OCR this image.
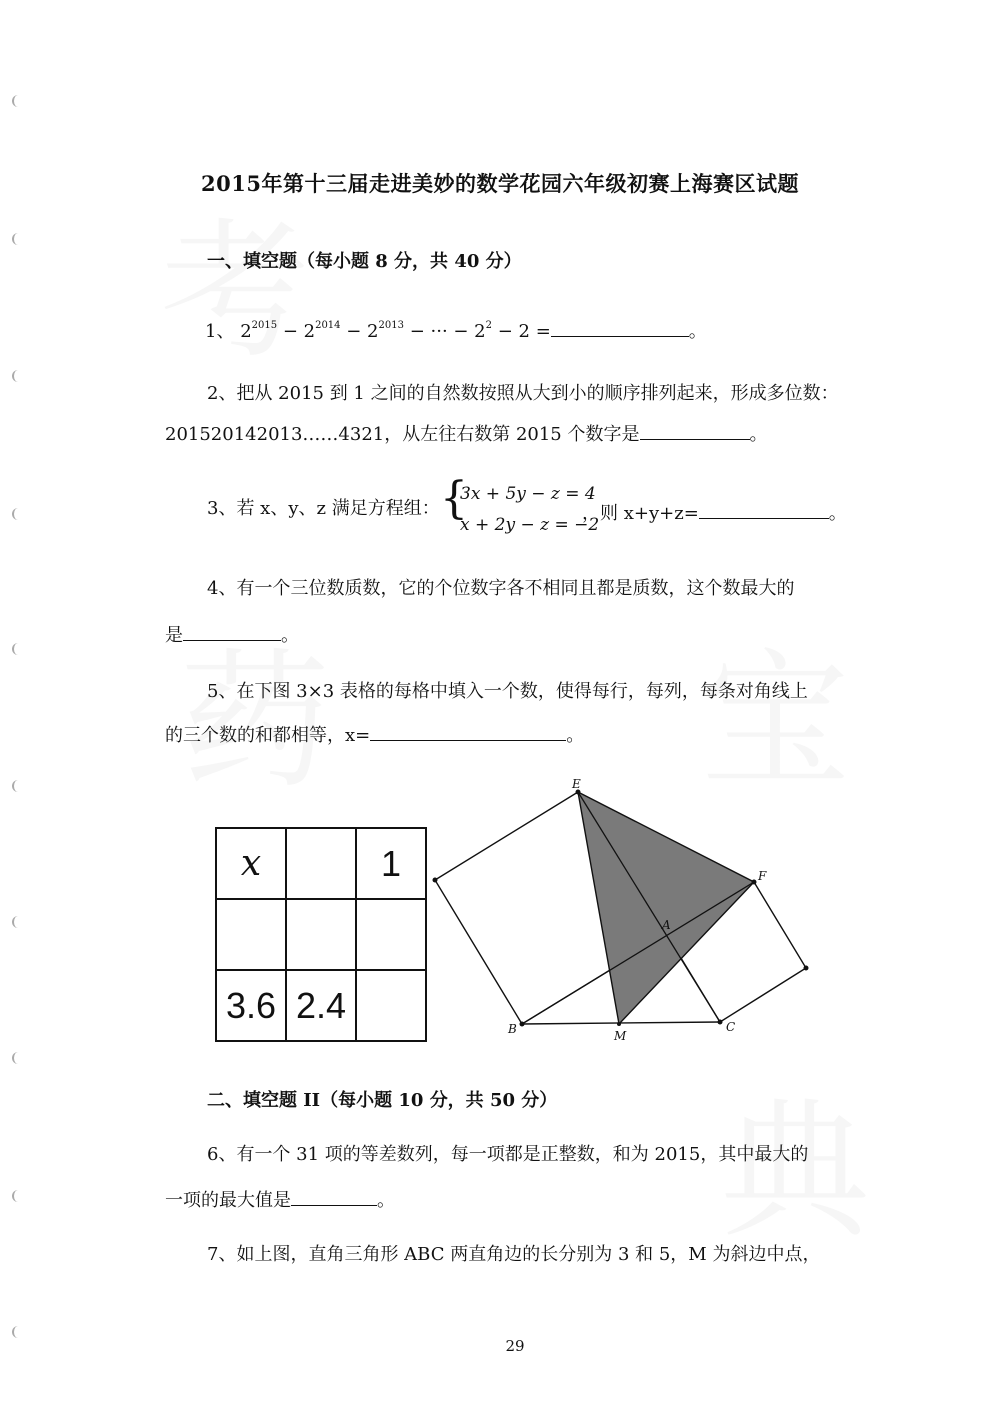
2015年第十三届走进美妙的数学花园六年级初赛上海赛区试题
一、填空题（每小题 8 分，共 40 分）
1、 $2^{2015} - 2^{2014} - 2^{2013}$ − ··· − $2^2 - 2$ =	。
2、把从 2015 到 1 之间的自然数按照从大到小的顺序排列起来，形成多位数：
201520142013……4321，从左往右数第 2015 个数字是	。
3、若 x、y、z 满足方程组： {
3x + 5y − z = 4
x + 2y − z = −2
，则 x+y+z=	。
4、有一个三位数质数，它的个位数字各不相同且都是质数，这个数最大的
是	。
5、在下图 3×3 表格的每格中填入一个数，使得每行，每列，每条对角线上
的三个数的和都相等，x=	。
x		1

3.6	2.4	
E
F
A
B	M
C
二、填空题 II（每小题 10 分，共 50 分）
6、有一个 31 项的等差数列，每一项都是正整数，和为 2015，其中最大的
一项的最大值是	。
7、如上图，直角三角形 ABC 两直角边的长分别为 3 和 5，M 为斜边中点，
29
